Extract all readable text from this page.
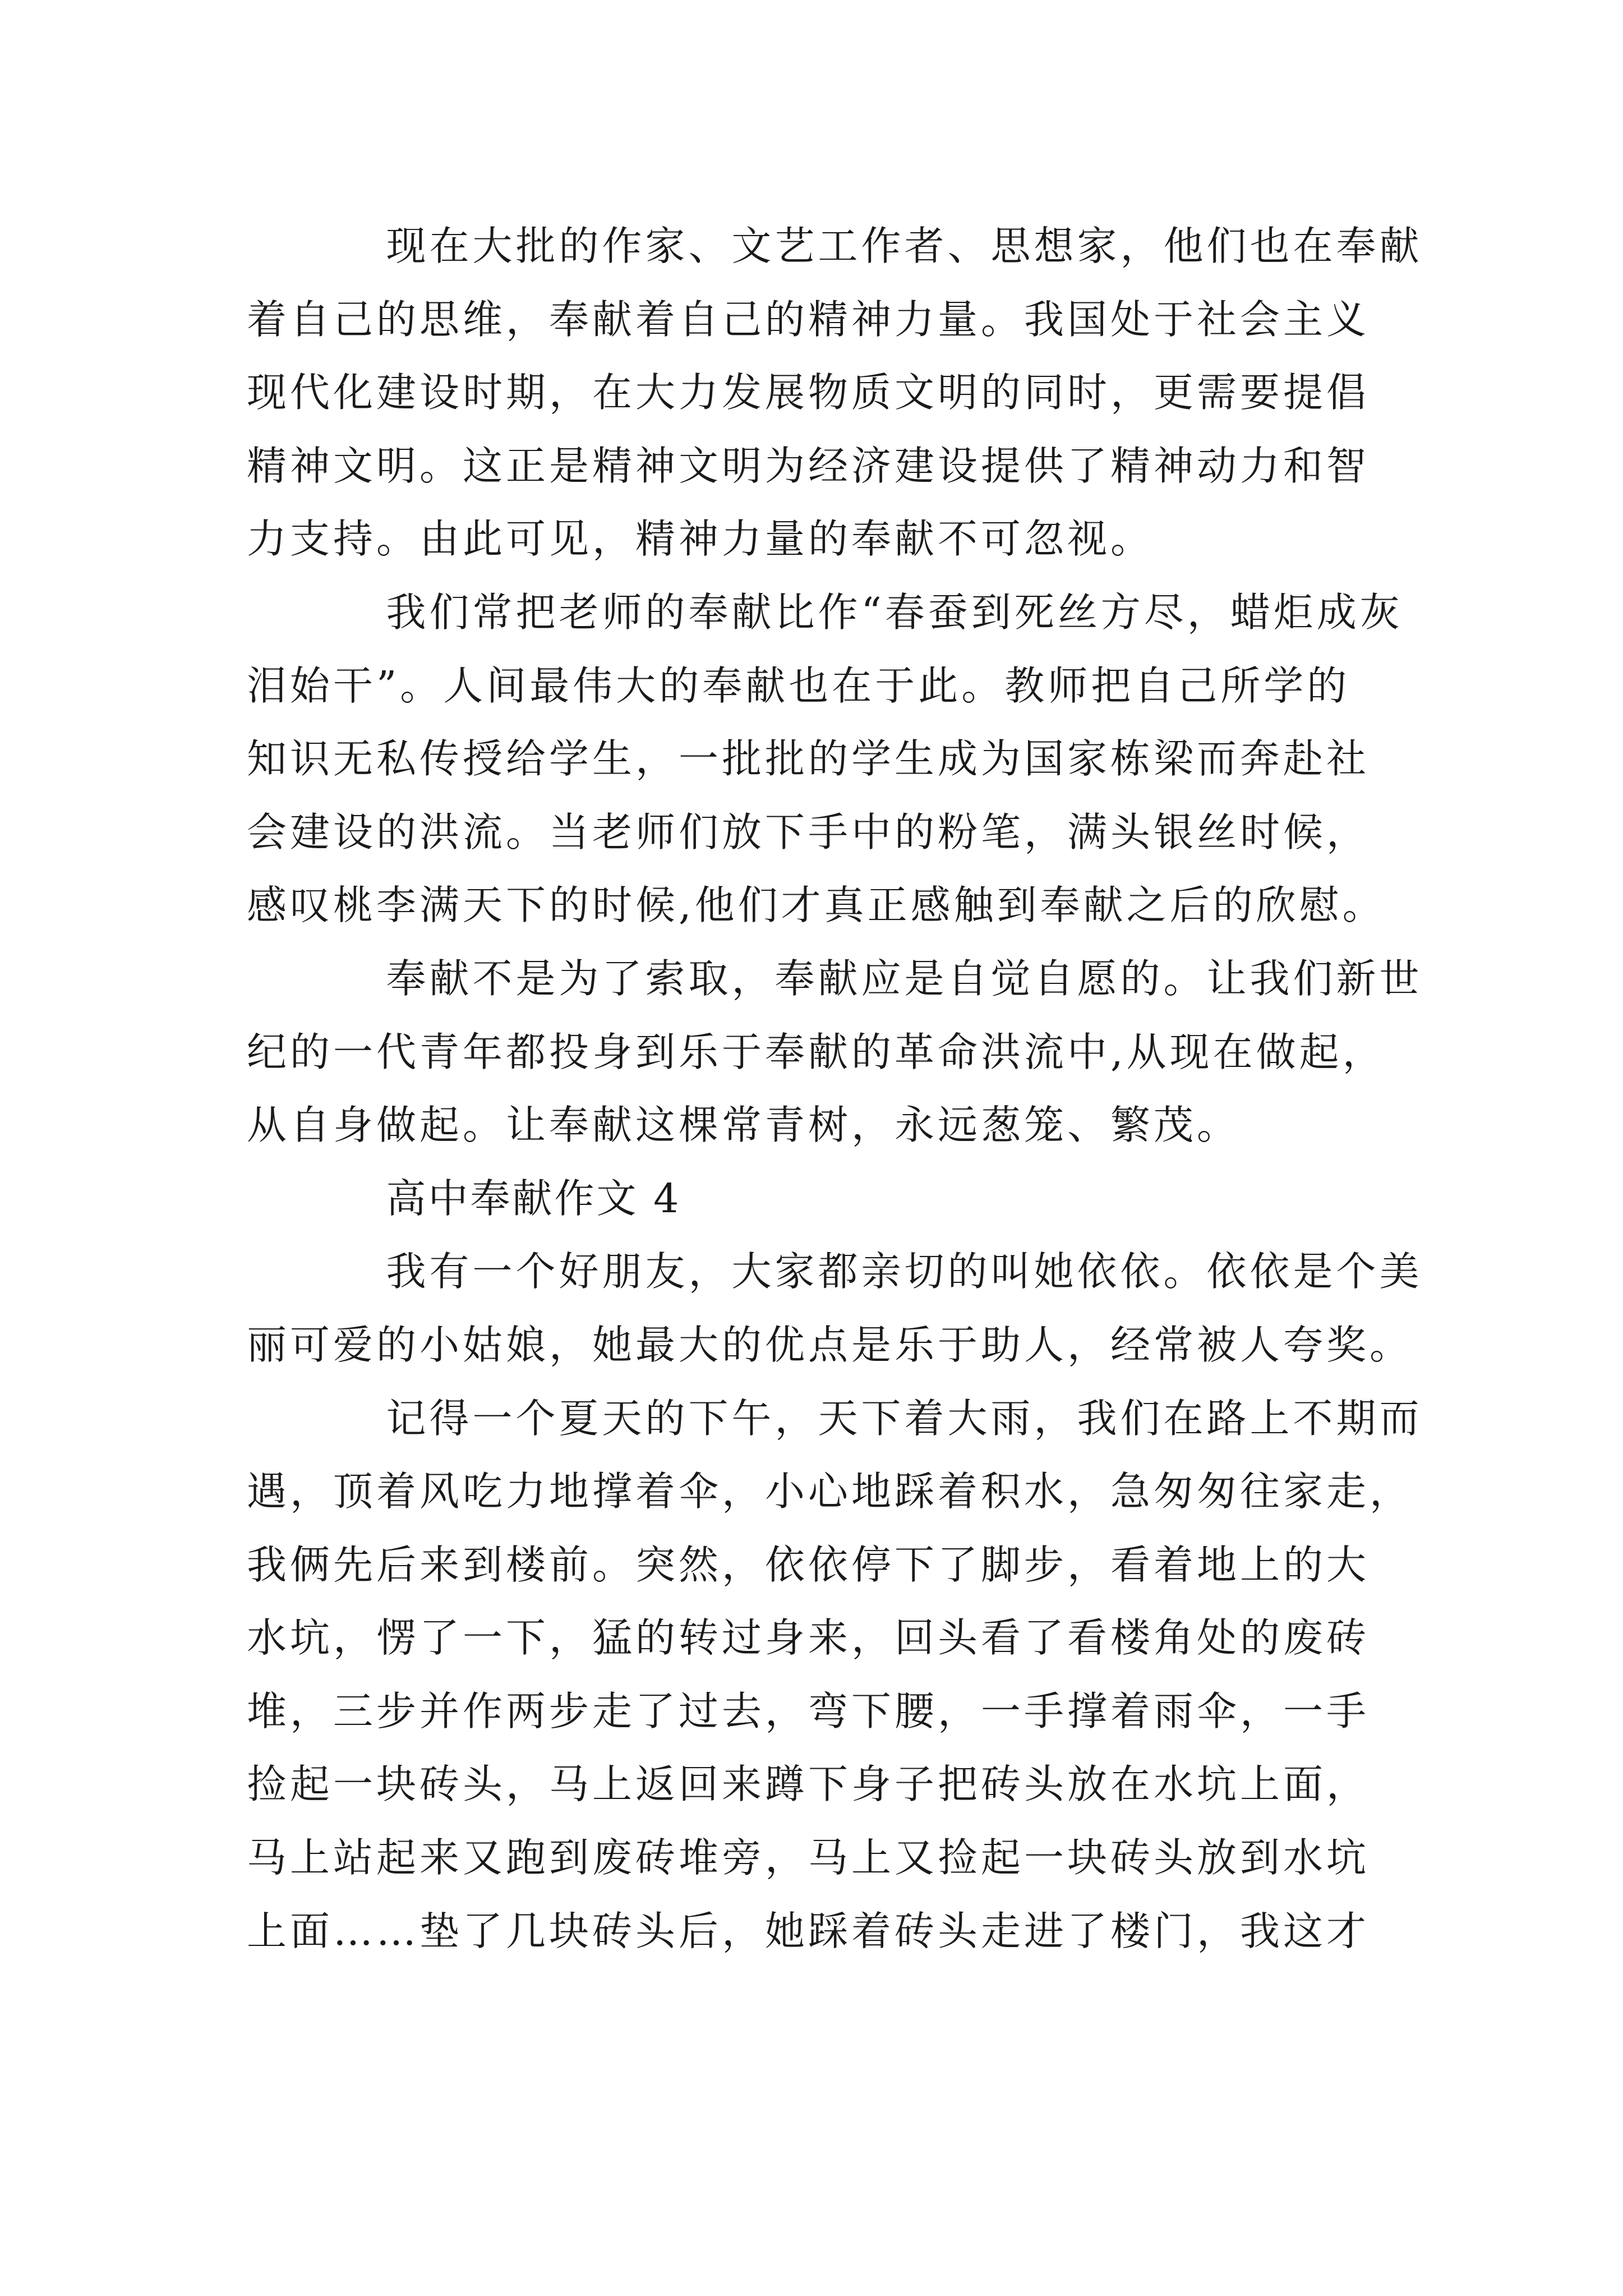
现在大批的作家、文艺工作者、思想家，他们也在奉献
着自己的思维，奉献着自己的精神力量。我国处于社会主义
现代化建设时期，在大力发展物质文明的同时，更需要提倡
精神文明。这正是精神文明为经济建设提供了精神动力和智
力支持。由此可见，精神力量的奉献不可忽视。
我们常把老师的奉献比作“春蚕到死丝方尽，蜡炬成灰
泪始干”。人间最伟大的奉献也在于此。教师把自己所学的
知识无私传授给学生，一批批的学生成为国家栋梁而奔赴社
会建设的洪流。当老师们放下手中的粉笔，满头银丝时候，
感叹桃李满天下的时候,他们才真正感触到奉献之后的欣慰。
奉献不是为了索取，奉献应是自觉自愿的。让我们新世
纪的一代青年都投身到乐于奉献的革命洪流中,从现在做起，
从自身做起。让奉献这棵常青树，永远葱笼、繁茂。
高中奉献作文 4
我有一个好朋友，大家都亲切的叫她依依。依依是个美
丽可爱的小姑娘，她最大的优点是乐于助人，经常被人夸奖。
记得一个夏天的下午，天下着大雨，我们在路上不期而
遇，顶着风吃力地撑着伞，小心地踩着积水，急匆匆往家走，
我俩先后来到楼前。突然，依依停下了脚步，看着地上的大
水坑，愣了一下，猛的转过身来，回头看了看楼角处的废砖
堆，三步并作两步走了过去，弯下腰，一手撑着雨伞，一手
捡起一块砖头，马上返回来蹲下身子把砖头放在水坑上面，
马上站起来又跑到废砖堆旁，马上又捡起一块砖头放到水坑
上面……垫了几块砖头后，她踩着砖头走进了楼门，我这才
